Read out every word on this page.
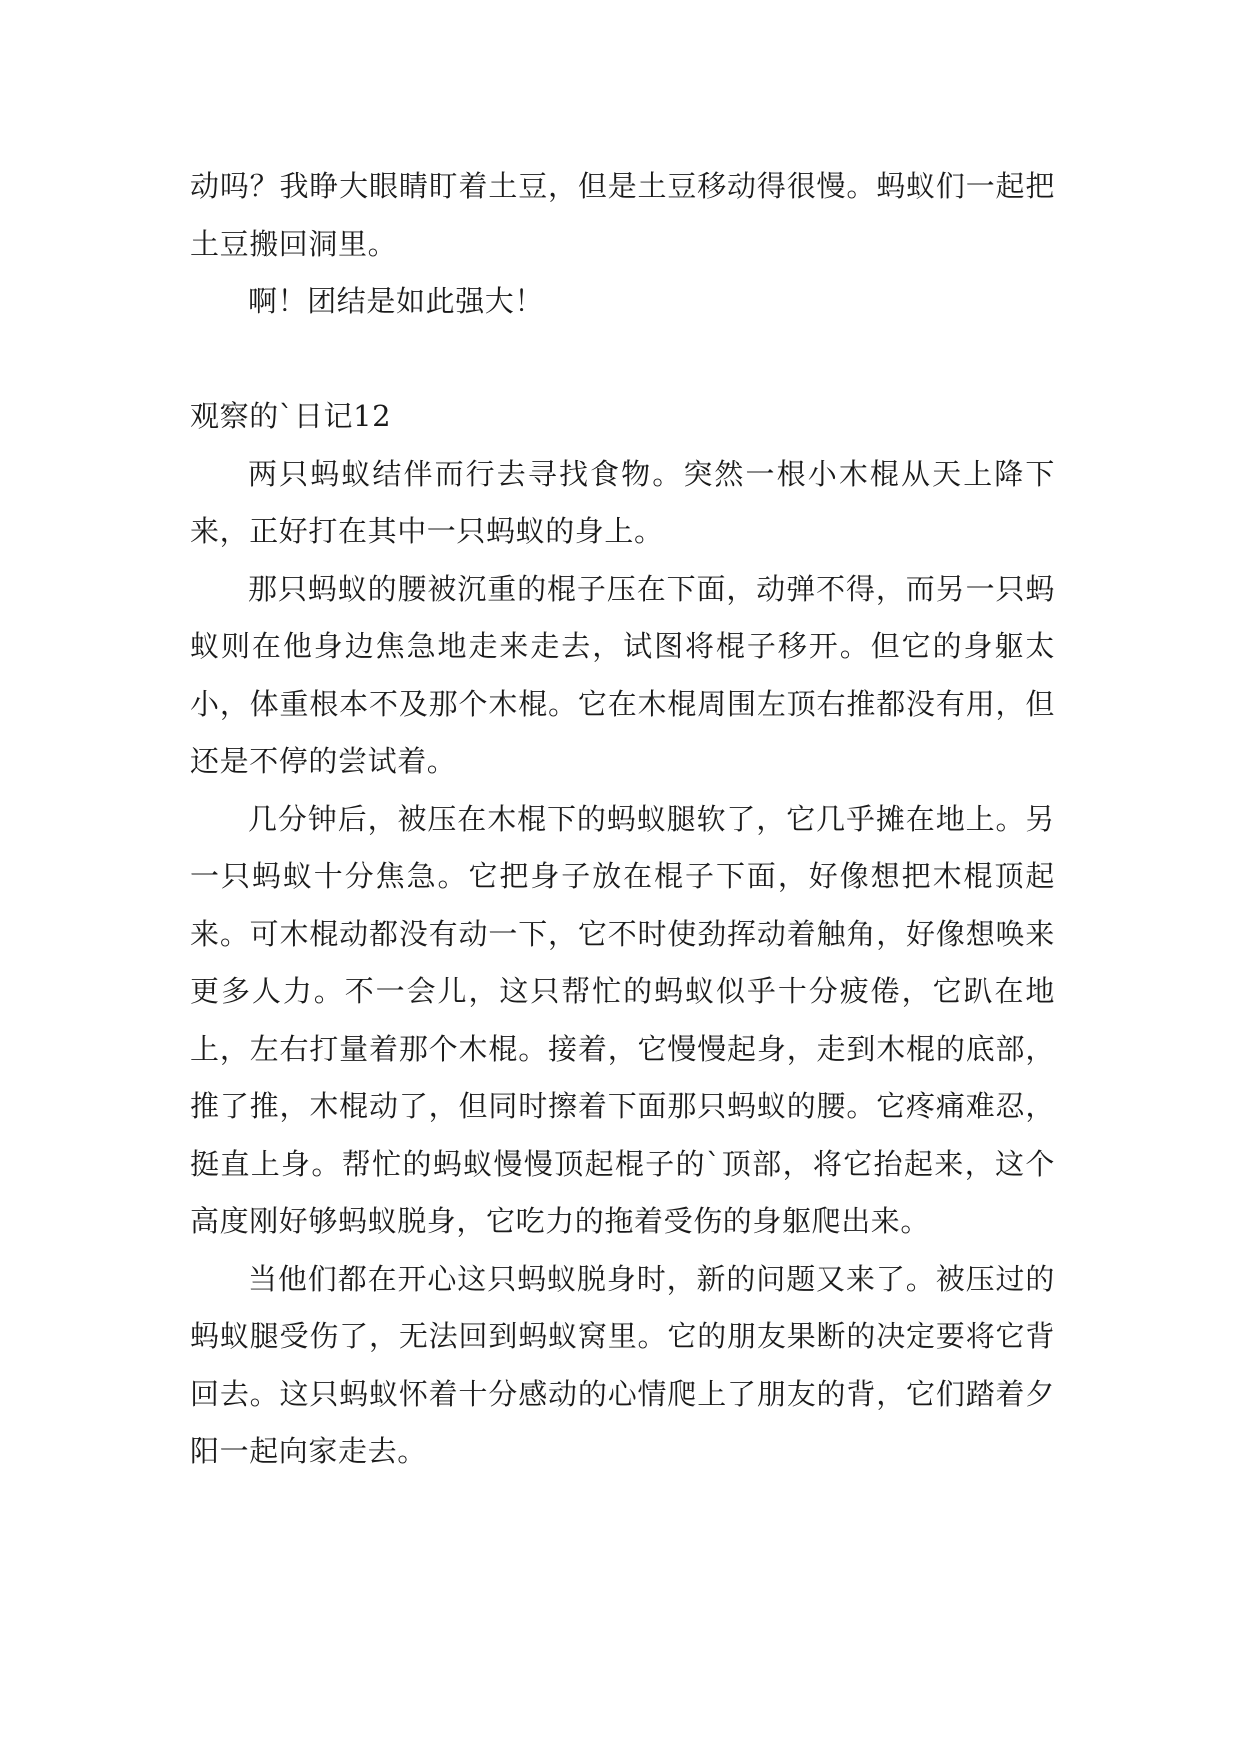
动吗？我睁大眼睛盯着土豆，但是土豆移动得很慢。蚂蚁们一起把土豆搬回洞里。

啊！团结是如此强大！

观察的`日记12

两只蚂蚁结伴而行去寻找食物。突然一根小木棍从天上降下来，正好打在其中一只蚂蚁的身上。

那只蚂蚁的腰被沉重的棍子压在下面，动弹不得，而另一只蚂蚁则在他身边焦急地走来走去，试图将棍子移开。但它的身躯太小，体重根本不及那个木棍。它在木棍周围左顶右推都没有用，但还是不停的尝试着。

几分钟后，被压在木棍下的蚂蚁腿软了，它几乎摊在地上。另一只蚂蚁十分焦急。它把身子放在棍子下面，好像想把木棍顶起来。可木棍动都没有动一下，它不时使劲挥动着触角，好像想唤来更多人力。不一会儿，这只帮忙的蚂蚁似乎十分疲倦，它趴在地上，左右打量着那个木棍。接着，它慢慢起身，走到木棍的底部，推了推，木棍动了，但同时擦着下面那只蚂蚁的腰。它疼痛难忍，挺直上身。帮忙的蚂蚁慢慢顶起棍子的`顶部，将它抬起来，这个高度刚好够蚂蚁脱身，它吃力的拖着受伤的身躯爬出来。

当他们都在开心这只蚂蚁脱身时，新的问题又来了。被压过的蚂蚁腿受伤了，无法回到蚂蚁窝里。它的朋友果断的决定要将它背回去。这只蚂蚁怀着十分感动的心情爬上了朋友的背，它们踏着夕阳一起向家走去。
